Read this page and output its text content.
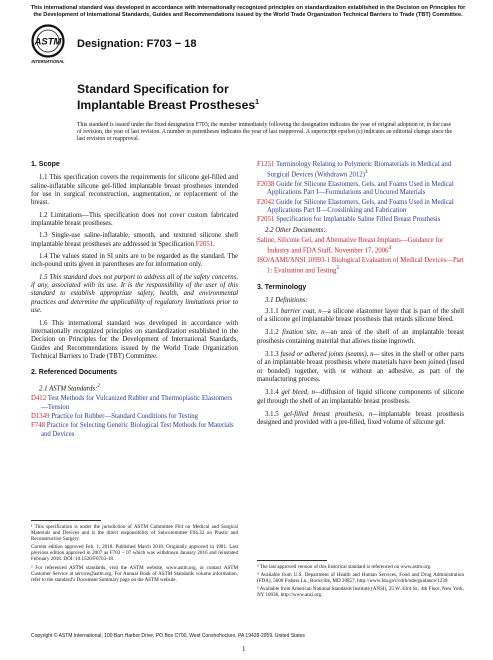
This international standard was developed in accordance with internationally recognized principles on standardization established in the Decision on Principles for the Development of International Standards, Guides and Recommendations issued by the World Trade Organization Technical Barriers to Trade (TBT) Committee.
ASTM
INTERNATIONAL
Designation: F703 − 18
Standard Specification for
Implantable Breast Prostheses$^1$
This standard is issued under the fixed designation F703; the number immediately following the designation indicates the year of original adoption or, in the case of revision, the year of last revision. A number in parentheses indicates the year of last reapproval. A superscript epsilon (ε) indicates an editorial change since the last revision or reapproval.
1. Scope

1.1 This specification covers the requirements for silicone gel-filled and saline-inflatable silicone gel-filled implantable breast prostheses intended for use in surgical reconstruction, augmentation, or replacement of the breast.

1.2 Limitations—This specification does not cover custom fabricated implantable breast prostheses.

1.3 Single-use saline-inflatable, smooth, and textured silicone shell implantable breast prostheses are addressed in Specification F2051.

1.4 The values stated in SI units are to be regarded as the standard. The inch-pound units given in parentheses are for information only.

1.5 This standard does not purport to address all of the safety concerns, if any, associated with its use. It is the responsibility of the user of this standard to establish appropriate safety, health, and environmental practices and determine the applicability of regulatory limitations prior to use.

1.6 This international standard was developed in accordance with internationally recognized principles on standardization established in the Decision on Principles for the Development of International Standards, Guides and Recommendations issued by the World Trade Organization Technical Barriers to Trade (TBT) Committee.

2. Referenced Documents
2.1 ASTM Standards:$^2$
D412 Test Methods for Vulcanized Rubber and Thermoplastic Elastomers—Tension
D1349 Practice for Rubber—Standard Conditions for Testing
F748 Practice for Selecting Generic Biological Test Methods for Materials and Devices

¹ This specification is under the jurisdiction of ASTM Committee F04 on Medical and Surgical Materials and Devices and is the direct responsibility of Subcommittee F04.32 on Plastic and Reconstructive Surgery.

Current edition approved Feb. 1, 2018. Published March 2018. Originally approved in 1981. Last previous edition approved in 2007 as F703 – 07 which was withdrawn January 2016 and reinstated February 2018. DOI: 10.1520/F0703-18.

² For referenced ASTM standards, visit the ASTM website, www.astm.org, or contact ASTM Customer Service at service@astm.org. For Annual Book of ASTM Standards volume information, refer to the standard’s Document Summary page on the ASTM website.

F1251 Terminology Relating to Polymeric Biomaterials in Medical and Surgical Devices (Withdrawn 2012)$^3$
F2038 Guide for Silicone Elastomers, Gels, and Foams Used in Medical Applications Part I—Formulations and Uncured Materials
F2042 Guide for Silicone Elastomers, Gels, and Foams Used in Medical Applications Part II—Crosslinking and Fabrication
F2051 Specification for Implantable Saline Filled Breast Prosthesis
2.2 Other Documents:
Saline, Silicone Gel, and Alternative Breast Implants—Guidance for Industry and FDA Staff, November 17, 2006$^4$
ISO/AAMI/ANSI 10993-1 Biological Evaluation of Medical Devices—Part 1: Evaluation and Testing$^5$
3. Terminology
3.1 Definitions:
3.1.1 barrier coat, n—a silicone elastomer layer that is part of the shell of a silicone gel implantable breast prosthesis that retards silicone bleed.
3.1.2 fixation site, n—an area of the shell of an implantable breast prosthesis containing material that allows tissue ingrowth.
3.1.3 fused or adhered joints (seams), n— sites in the shell or other parts of an implantable breast prosthesis where materials have been joined (fused or bonded) together, with or without an adhesive, as part of the manufacturing process.
3.1.4 gel bleed, n—diffusion of liquid silicone components of silicone gel through the shell of an implantable breast prosthesis.
3.1.5 gel-filled breast prosthesis, n—implantable breast prosthesis designed and provided with a pre-filled, fixed volume of silicone gel.

³ The last approved version of this historical standard is referenced on www.astm.org.

⁴ Available from U.S. Department of Health and Human Services, Food and Drug Administration (FDA), 5600 Fishers Ln., Rockville, MD 20857, http://www.fda.gov/cdrh/ode/guidance/1239.

⁵ Available from American National Standards Institute (ANSI), 25 W. 43rd St., 4th Floor, New York, NY 10036, http://www.ansi.org.

Copyright © ASTM International, 100 Barr Harbor Drive, PO Box C700, West Conshohocken, PA 19428-2959. United States
1
